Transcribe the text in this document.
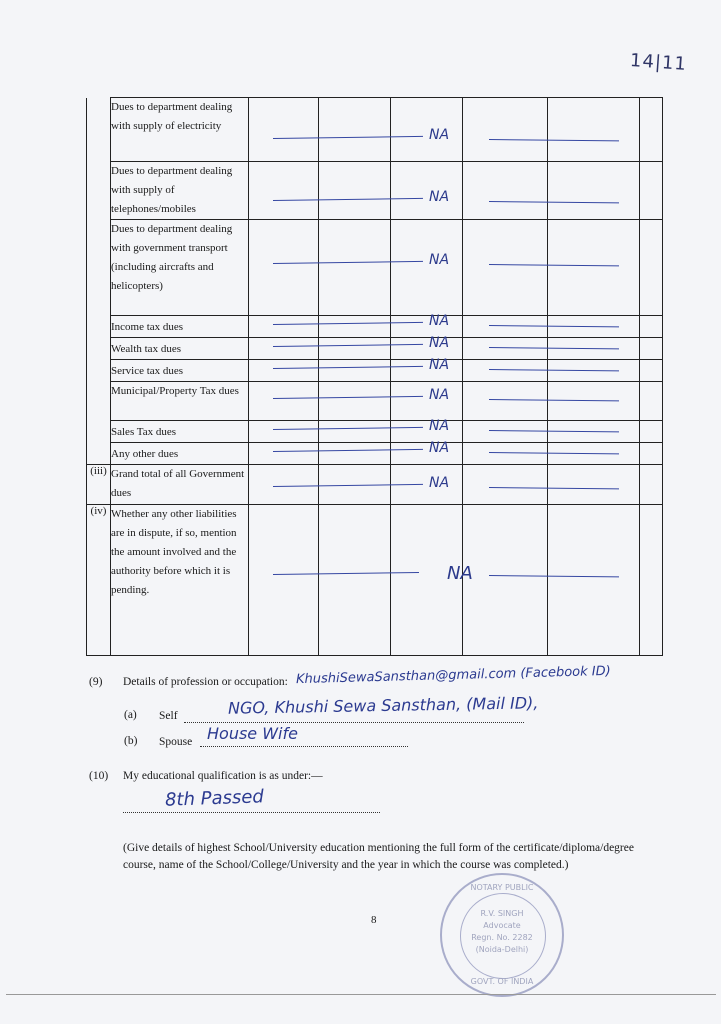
14|11
	Dues to department dealing with supply of electricity	NA					

	Dues to department dealing with supply of telephones/mobiles	NA					

	Dues to department dealing with government transport (including aircrafts and helicopters)	NA					

	Income tax dues	NA					

	Wealth tax dues	NA					

	Service tax dues	NA					

	Municipal/Property Tax dues	NA					

	Sales Tax dues	NA					

	Any other dues	NA					

(iii)	Grand total of all Government dues	NA					

(iv)	Whether any other liabilities are in dispute, if so, mention the amount involved and the authority before which it is pending.	NA					

(9) Details of profession or occupation: KhushiSewaSansthan@gmail.com (Facebook ID)
(a) Self	NGO, Khushi Sewa Sansthan, (Mail ID),
(b) Spouse House Wife
(10) My educational qualification is as under:—
8th Passed
(Give details of highest School/University education mentioning the full form of the certificate/diploma/degree course, name of the School/College/University and the year in which the course was completed.)
8
NOTARY PUBLIC
R.V. SINGH
Advocate
Regn. No. 2282
(Noida-Delhi)
GOVT. OF INDIA
